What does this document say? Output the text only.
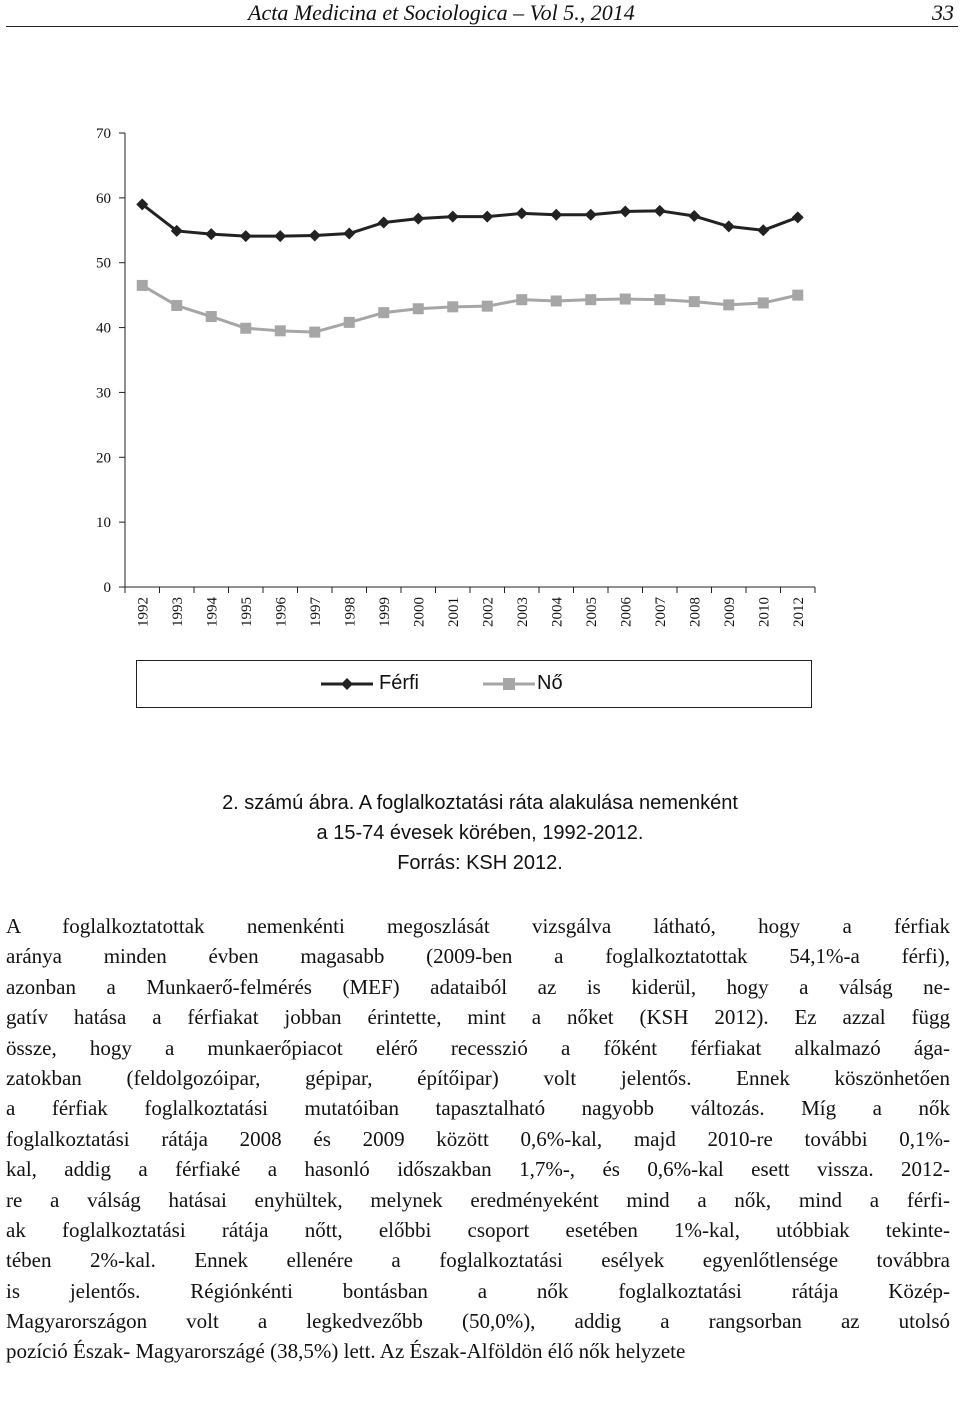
Acta Medicina et Sociologica – Vol 5., 2014	33
0
10
20
30
40
50
60
70
1992 1993 1994 1995 1996 1997 1998 1999 2000 2001 2002 2003 2004 2005 2006 2007 2008 2009 2010 2012
Férfi	Nő
2. számú ábra. A foglalkoztatási ráta alakulása nemenként
a 15-74 évesek körében, 1992-2012.
Forrás: KSH 2012.
A foglalkoztatottak nemenkénti megoszlását vizsgálva látható, hogy a férfiak
aránya minden évben magasabb (2009-ben a foglalkoztatottak 54,1%-a férfi),
azonban a Munkaerő-felmérés (MEF) adataiból az is kiderül, hogy a válság ne-
gatív hatása a férfiakat jobban érintette, mint a nőket (KSH 2012). Ez azzal függ
össze, hogy a munkaerőpiacot elérő recesszió a főként férfiakat alkalmazó ága-
zatokban (feldolgozóipar, gépipar, építőipar) volt jelentős. Ennek köszönhetően
a férfiak foglalkoztatási mutatóiban tapasztalható nagyobb változás. Míg a nők
foglalkoztatási rátája 2008 és 2009 között 0,6%-kal, majd 2010-re további 0,1%-
kal, addig a férfiaké a hasonló időszakban 1,7%-, és 0,6%-kal esett vissza. 2012-
re a válság hatásai enyhültek, melynek eredményeként mind a nők, mind a férfi-
ak foglalkoztatási rátája nőtt, előbbi csoport esetében 1%-kal, utóbbiak tekinte-
tében 2%-kal. Ennek ellenére a foglalkoztatási esélyek egyenlőtlensége továbbra
is jelentős. Régiónkénti bontásban a nők foglalkoztatási rátája Közép-
Magyarországon volt a legkedvezőbb (50,0%), addig a rangsorban az utolsó
pozíció Észak- Magyarországé (38,5%) lett. Az Észak-Alföldön élő nők helyzete
